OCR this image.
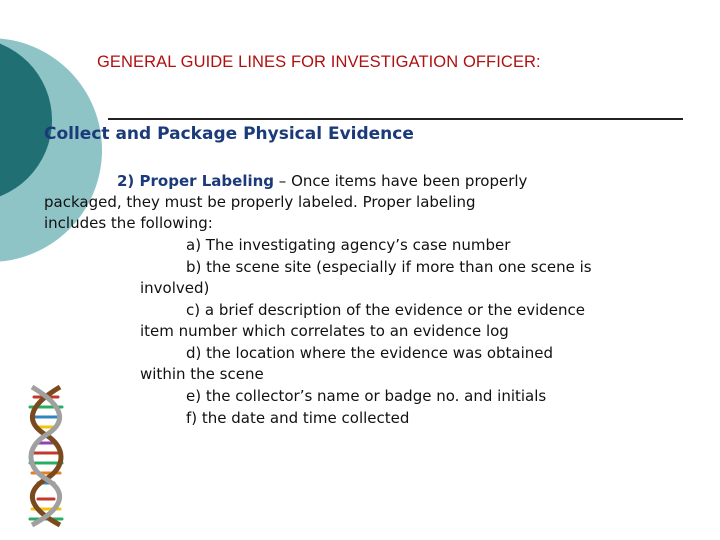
GENERAL GUIDE LINES FOR INVESTIGATION OFFICER:
Collect and Package Physical Evidence
2) Proper Labeling – Once items have been properly
packaged, they must be properly labeled. Proper labeling
includes the following:
a) The investigating agency’s case number
b) the scene site (especially if more than one scene is
involved)
c) a brief description of the evidence or the evidence
item number which correlates to an evidence log
d) the location where the evidence was obtained
within the scene
e) the collector’s name or badge no. and initials
f) the date and time collected
